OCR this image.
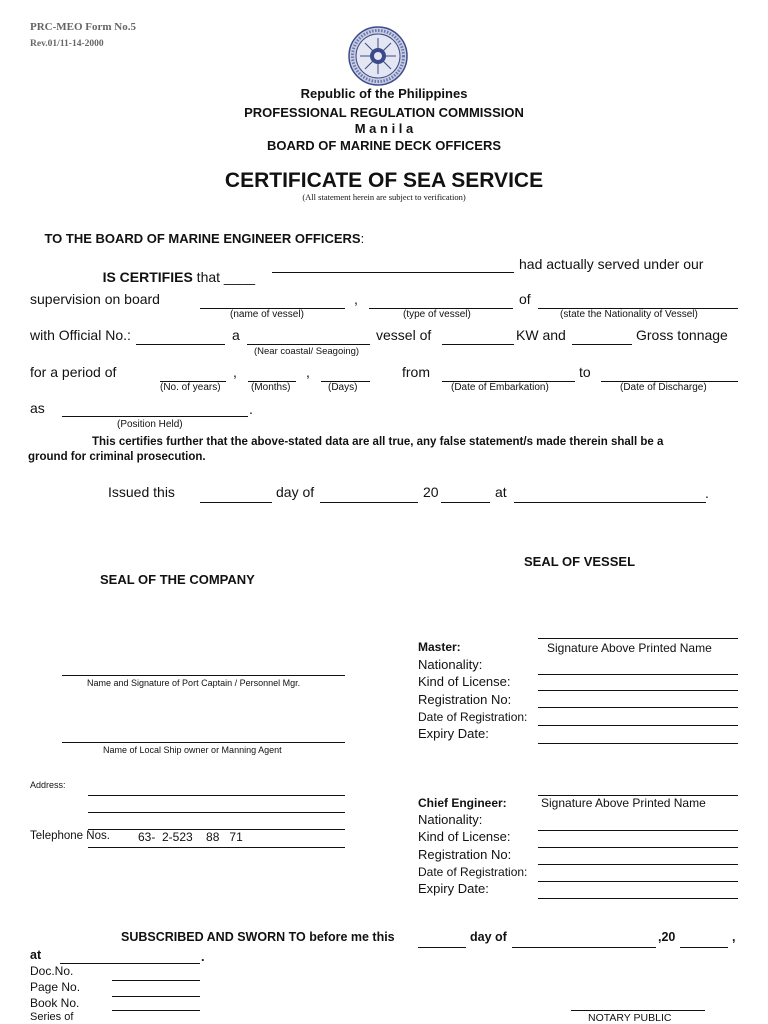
PRC-MEO Form No.5
Rev.01/11-14-2000
Republic of the Philippines
PROFESSIONAL REGULATION COMMISSION
M a n i l a
BOARD OF MARINE DECK OFFICERS
CERTIFICATE OF SEA SERVICE
(All statement herein are subject to verification)

TO THE BOARD OF MARINE ENGINEER OFFICERS:

IS CERTIFIES that ____

had actually served under our
supervision on board	,	of
(name of vessel)	(type of vessel)	(state the Nationality of Vessel)
with Official No.:	a	vessel of	KW and	Gross tonnage
(Near coastal/ Seagoing)
for a period of	,	,	from	to
(No. of years)	(Months)	(Days)	(Date of Embarkation)	(Date of Discharge)
as	.
(Position Held)
This certifies further that the above-stated data are all true, any false statement/s made therein shall be a
ground for criminal prosecution.
Issued this	day of	20	at	.
SEAL OF VESSEL
SEAL OF THE COMPANY
Master:	Signature Above Printed Name
Nationality:
Kind of License:
Registration No:
Date of Registration:
Expiry Date:
Name and Signature of Port Captain / Personnel Mgr.
Name of Local Ship owner or Manning Agent
Address:
Telephone Nos. 63-  2-523    88   71
Chief Engineer:	Signature Above Printed Name
Nationality:
Kind of License:
Registration No:
Date of Registration:
Expiry Date:
SUBSCRIBED AND SWORN TO before me this	day of	,20	,
at	.
Doc.No.
Page No.
Book No.
Series of	NOTARY PUBLIC
